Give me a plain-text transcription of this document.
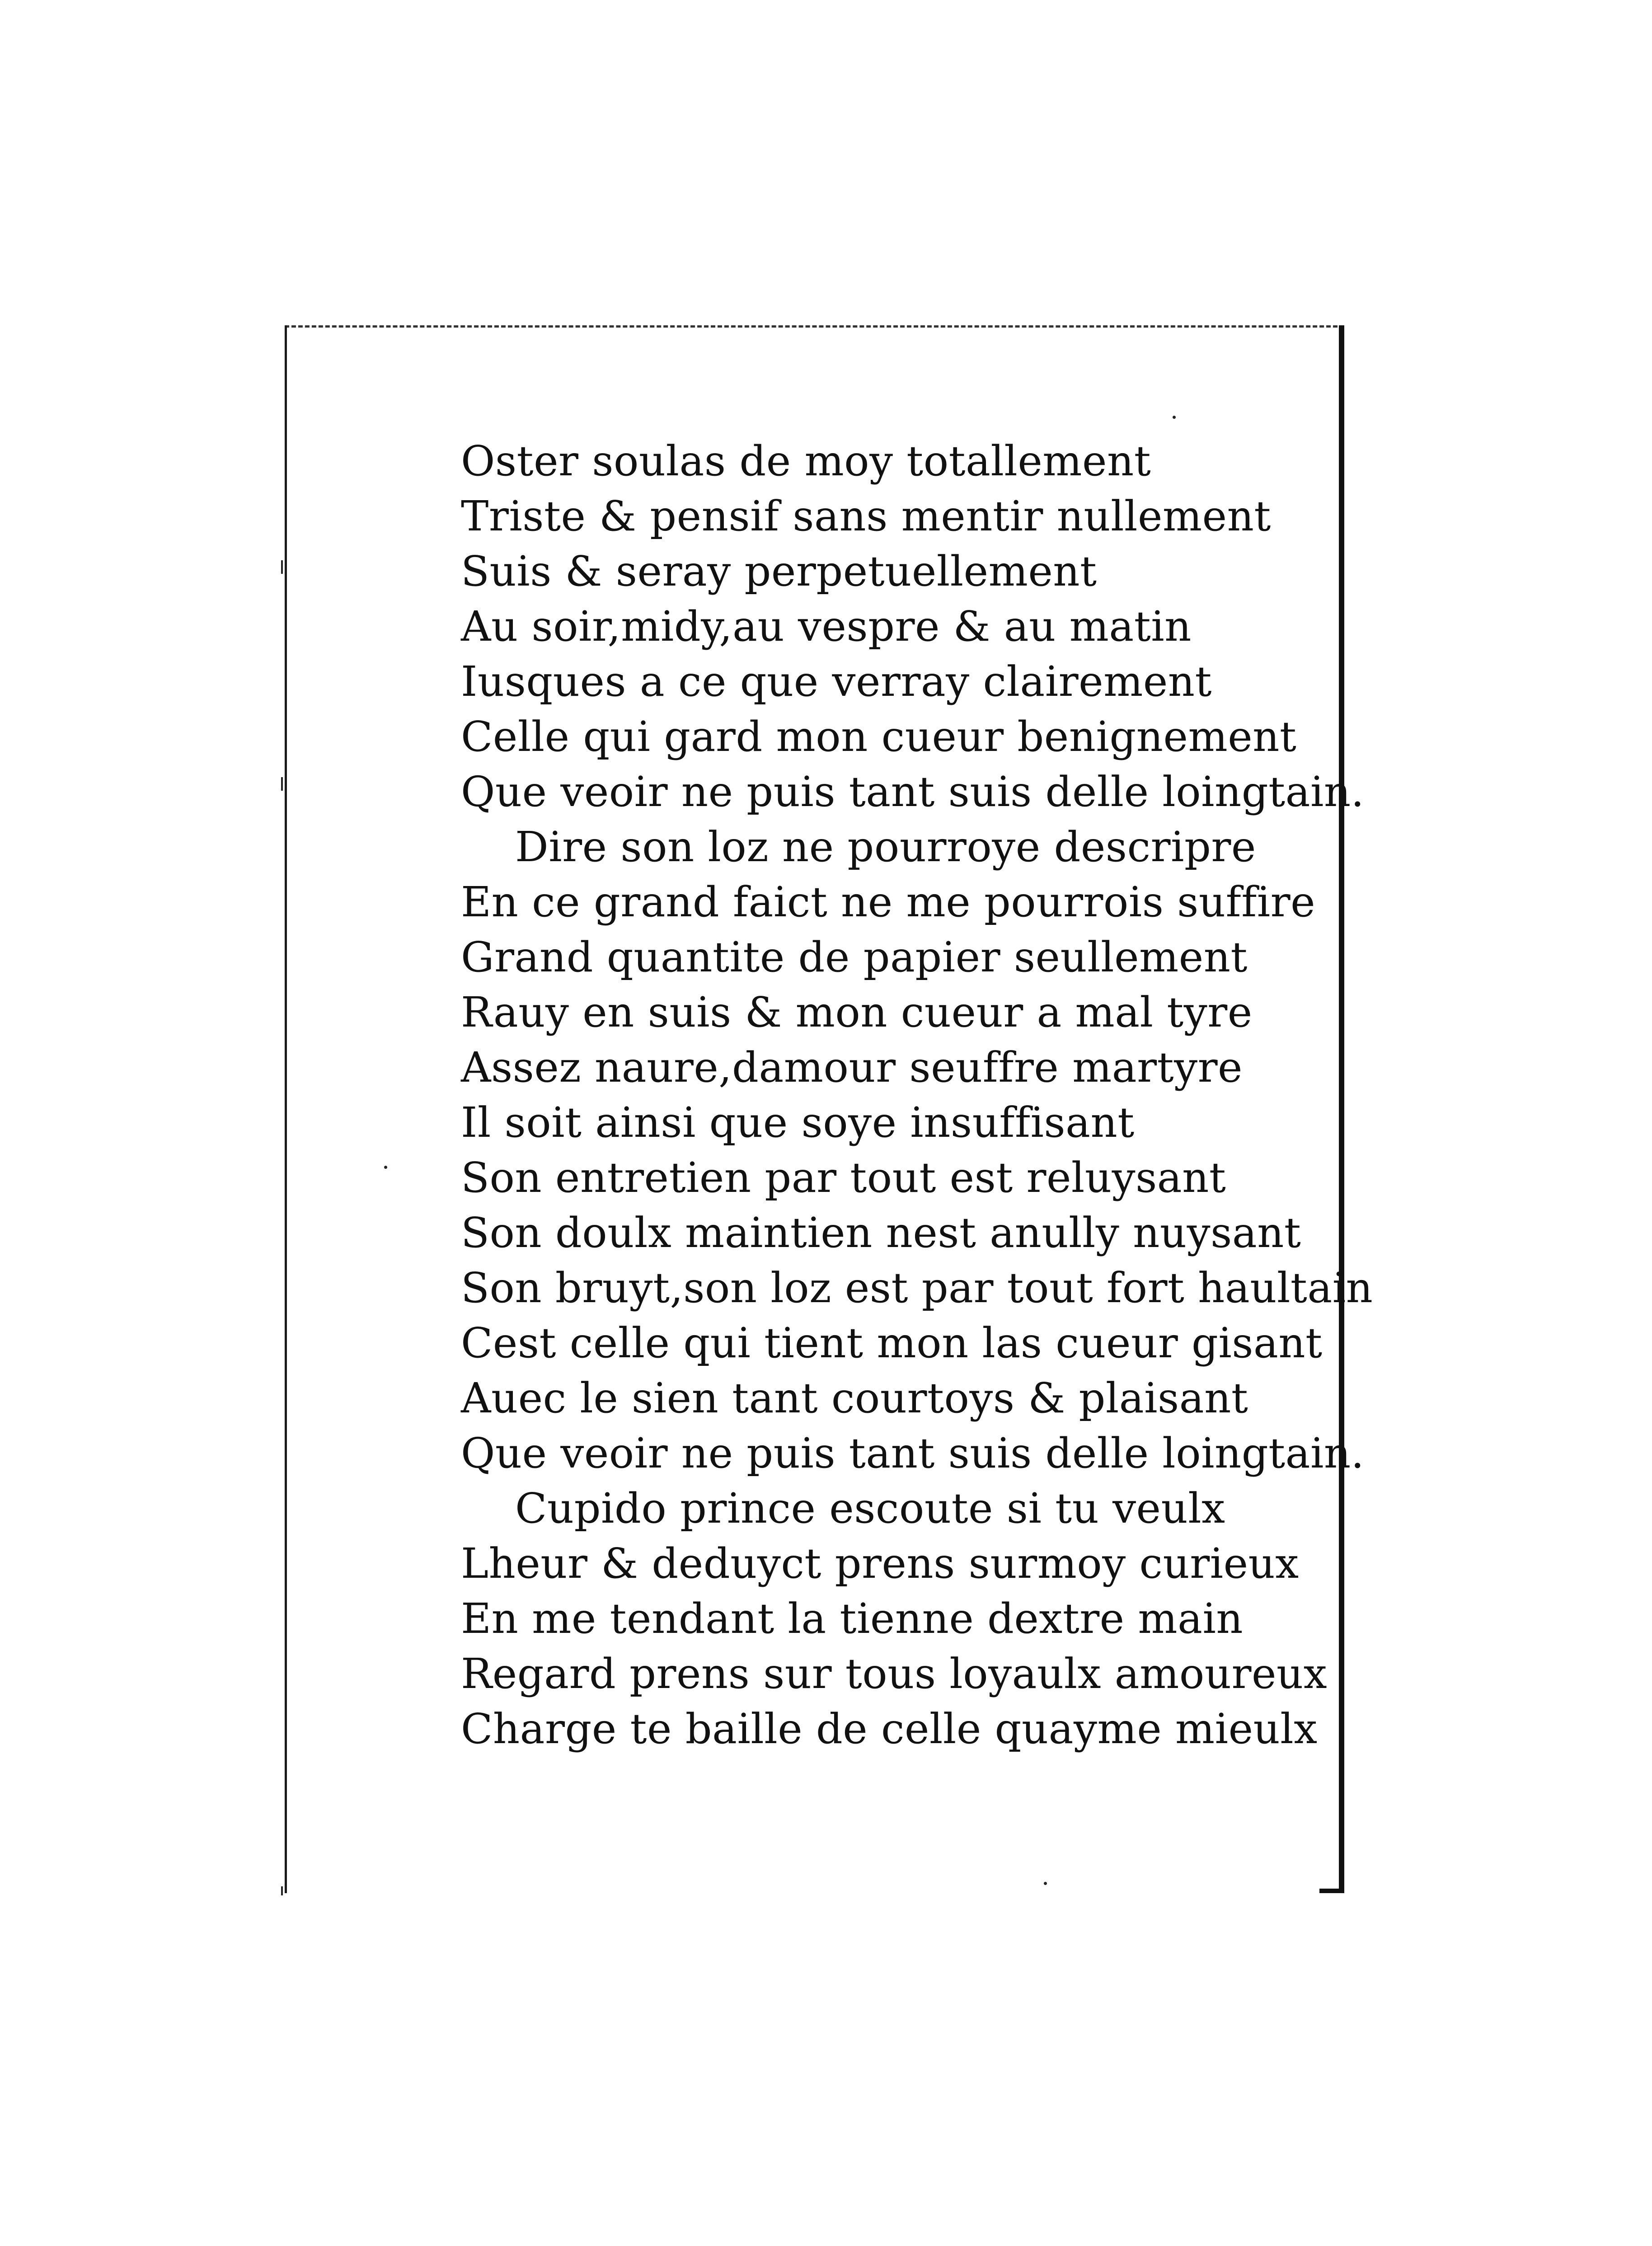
Oster soulas de moy totallement
Triste & pensif sans mentir nullement
Suis & seray perpetuellement
Au soir,midy,au vespre & au matin
Iusques a ce que verray clairement
Celle qui gard mon cueur benignement
Que veoir ne puis tant suis delle loingtain.
Dire son loz ne pourroye descripre
En ce grand faict ne me pourrois suffire
Grand quantite de papier seullement
Rauy en suis & mon cueur a mal tyre
Assez naure,damour seuffre martyre
Il soit ainsi que soye insuffisant
Son entretien par tout est reluysant
Son doulx maintien nest anully nuysant
Son bruyt,son loz est par tout fort haultain
Cest celle qui tient mon las cueur gisant
Auec le sien tant courtoys & plaisant
Que veoir ne puis tant suis delle loingtain.
Cupido prince escoute si tu veulx
Lheur & deduyct prens surmoy curieux
En me tendant la tienne dextre main
Regard prens sur tous loyaulx amoureux
Charge te baille de celle quayme mieulx
